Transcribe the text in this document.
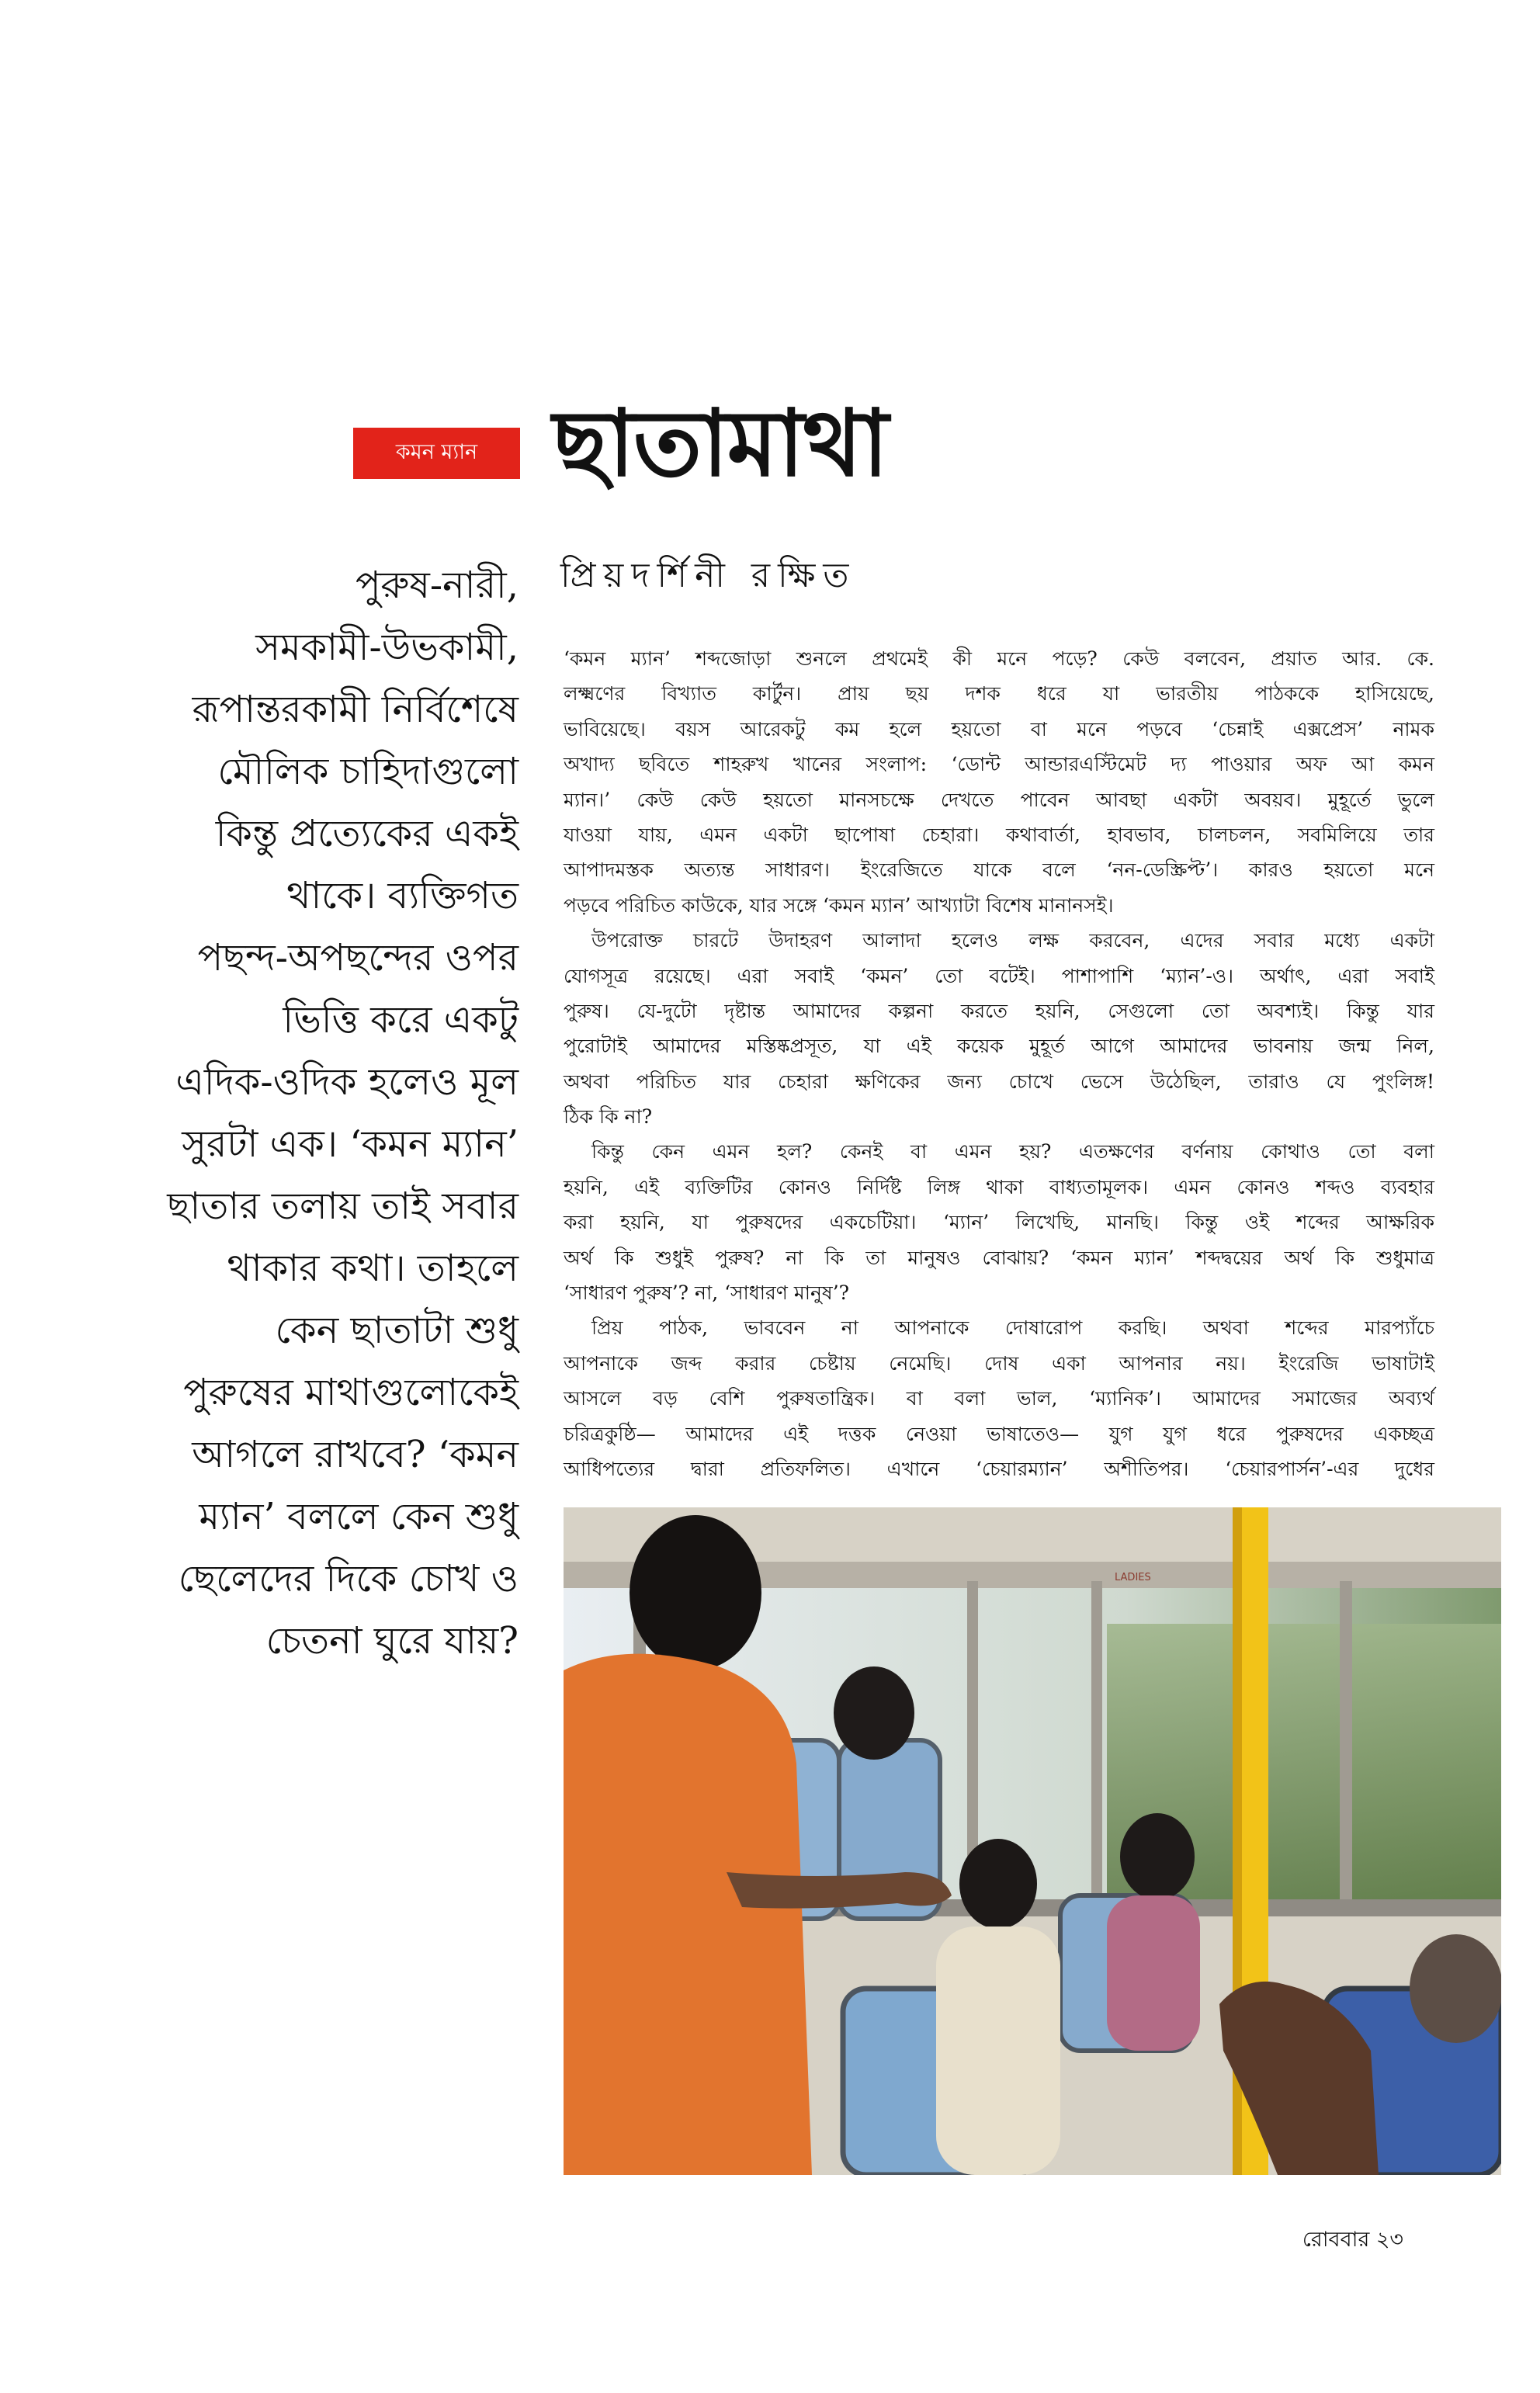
কমন ম্যান ছাতামাথা
প্রিয়দর্শিনী রক্ষিত
পুরুষ-নারী,
সমকামী-উভকামী,
রূপান্তরকামী নির্বিশেষে
মৌলিক চাহিদাগুলো
কিন্তু প্রত্যেকের একই
থাকে। ব্যক্তিগত
পছন্দ-অপছন্দের ওপর
ভিত্তি করে একটু
এদিক-ওদিক হলেও মূল
সুরটা এক। ‘কমন ম্যান’
ছাতার তলায় তাই সবার
থাকার কথা। তাহলে
কেন ছাতাটা শুধু
পুরুষের মাথাগুলোকেই
আগলে রাখবে? ‘কমন
ম্যান’ বললে কেন শুধু
ছেলেদের দিকে চোখ ও
চেতনা ঘুরে যায়?
‘কমন ম্যান’ শব্দজোড়া শুনলে প্রথমেই কী মনে পড়ে? কেউ বলবেন, প্রয়াত আর. কে.
লক্ষ্মণের বিখ্যাত কার্টুন। প্রায় ছয় দশক ধরে যা ভারতীয় পাঠককে হাসিয়েছে,
ভাবিয়েছে। বয়স আরেকটু কম হলে হয়তো বা মনে পড়বে ‘চেন্নাই এক্সপ্রেস’ নামক
অখাদ্য ছবিতে শাহরুখ খানের সংলাপ: ‘ডোন্ট আন্ডারএস্টিমেট দ্য পাওয়ার অফ আ কমন
ম্যান।’ কেউ কেউ হয়তো মানসচক্ষে দেখতে পাবেন আবছা একটা অবয়ব। মুহূর্তে ভুলে
যাওয়া যায়, এমন একটা ছাপোষা চেহারা। কথাবার্তা, হাবভাব, চালচলন, সবমিলিয়ে তার
আপাদমস্তক অত্যন্ত সাধারণ। ইংরেজিতে যাকে বলে ‘নন-ডেস্ক্রিপ্ট’। কারও হয়তো মনে
পড়বে পরিচিত কাউকে, যার সঙ্গে ‘কমন ম্যান’ আখ্যাটা বিশেষ মানানসই।
উপরোক্ত চারটে উদাহরণ আলাদা হলেও লক্ষ করবেন, এদের সবার মধ্যে একটা
যোগসূত্র রয়েছে। এরা সবাই ‘কমন’ তো বটেই। পাশাপাশি ‘ম্যান’-ও। অর্থাৎ, এরা সবাই
পুরুষ। যে-দুটো দৃষ্টান্ত আমাদের কল্পনা করতে হয়নি, সেগুলো তো অবশ্যই। কিন্তু যার
পুরোটাই আমাদের মস্তিষ্কপ্রসূত, যা এই কয়েক মুহূর্ত আগে আমাদের ভাবনায় জন্ম নিল,
অথবা পরিচিত যার চেহারা ক্ষণিকের জন্য চোখে ভেসে উঠেছিল, তারাও যে পুংলিঙ্গ!
ঠিক কি না?
কিন্তু কেন এমন হল? কেনই বা এমন হয়? এতক্ষণের বর্ণনায় কোথাও তো বলা
হয়নি, এই ব্যক্তিটির কোনও নির্দিষ্ট লিঙ্গ থাকা বাধ্যতামূলক। এমন কোনও শব্দও ব্যবহার
করা হয়নি, যা পুরুষদের একচেটিয়া। ‘ম্যান’ লিখেছি, মানছি। কিন্তু ওই শব্দের আক্ষরিক
অর্থ কি শুধুই পুরুষ? না কি তা মানুষও বোঝায়? ‘কমন ম্যান’ শব্দদ্বয়ের অর্থ কি শুধুমাত্র
‘সাধারণ পুরুষ’? না, ‘সাধারণ মানুষ’?
প্রিয় পাঠক, ভাববেন না আপনাকে দোষারোপ করছি। অথবা শব্দের মারপ্যাঁচে
আপনাকে জব্দ করার চেষ্টায় নেমেছি। দোষ একা আপনার নয়। ইংরেজি ভাষাটাই
আসলে বড় বেশি পুরুষতান্ত্রিক। বা বলা ভাল, ‘ম্যানিক’। আমাদের সমাজের অব্যর্থ
চরিত্রকুষ্ঠি— আমাদের এই দত্তক নেওয়া ভাষাতেও— যুগ যুগ ধরে পুরুষদের একচ্ছত্র
আধিপত্যের দ্বারা প্রতিফলিত। এখানে ‘চেয়ারম্যান’ অশীতিপর। ‘চেয়ারপার্সন’-এর দুধের
LADIES
রোববার ২৩
